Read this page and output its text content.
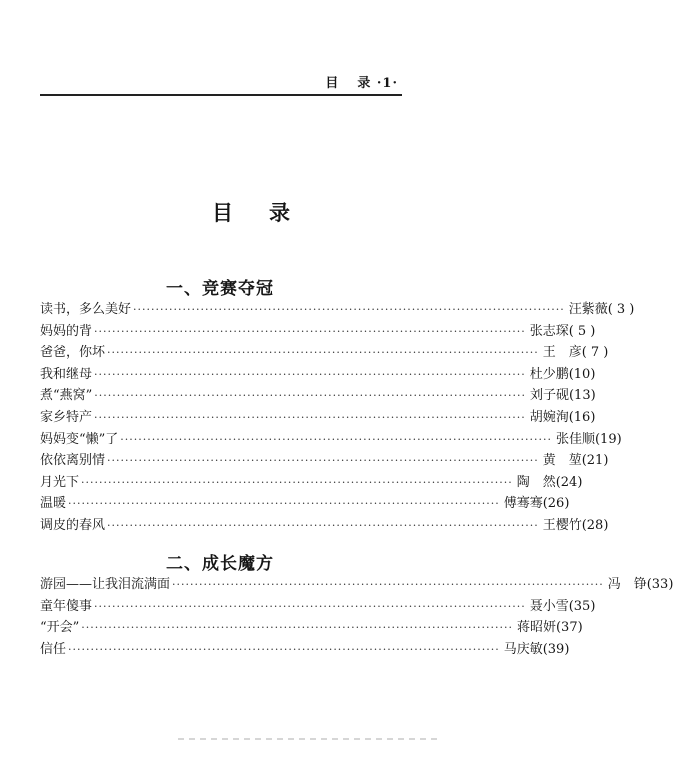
目 录 ·1·
目 录
一、竞赛夺冠
读书，多么美好 ································································································ 汪紫薇 ( 3 )
妈妈的背 ································································································ 张志琛 ( 5 )
爸爸，你坏 ································································································ 王　彦 ( 7 )
我和继母 ································································································ 杜少鹏 (10)
煮“燕窝” ································································································ 刘子砚 (13)
家乡特产 ································································································ 胡婉洵 (16)
妈妈变“懒”了 ································································································ 张佳顺 (19)
依依离别情 ································································································ 黄　堃 (21)
月光下 ································································································ 陶　然 (24)
温暖 ································································································ 傅骞骞 (26)
调皮的春风 ································································································ 王樱竹 (28)
二、成长魔方
游园——让我泪流满面 ································································································ 冯　铮 (33)
童年傻事 ································································································ 聂小雪 (35)
“开会” ································································································ 蒋昭妍 (37)
信任 ································································································ 马庆敏 (39)
